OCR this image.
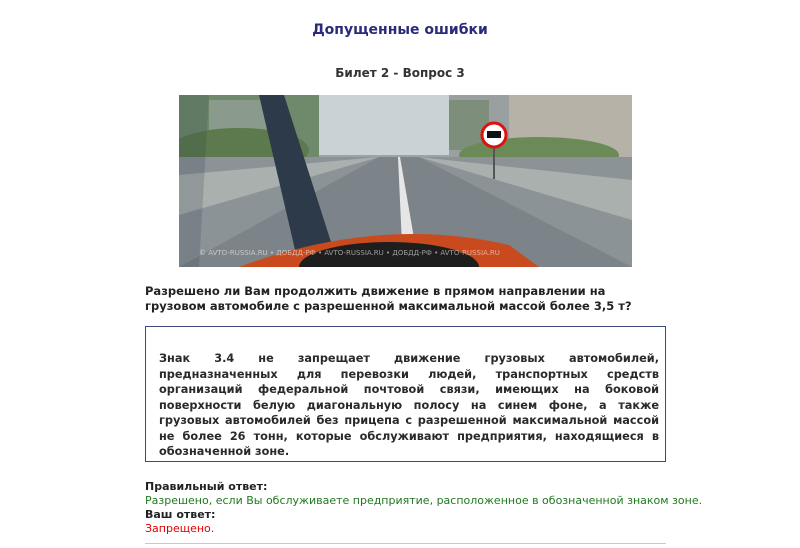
Допущенные ошибки
Билет 2 - Вопрос 3
© AVTO-RUSSIA.RU • ДОБДД-РФ • AVTO-RUSSIA.RU • ДОБДД-РФ • AVTO-RUSSIA.RU
Разрешено ли Вам продолжить движение в прямом направлении на грузовом автомобиле с разрешенной максимальной массой более 3,5 т?
Знак 3.4 не запрещает движение грузовых автомобилей, предназначенных для перевозки людей, транспортных средств организаций федеральной почтовой связи, имеющих на боковой поверхности белую диагональную полосу на синем фоне, а также грузовых автомобилей без прицепа с разрешенной максимальной массой не более 26 тонн, которые обслуживают предприятия, находящиеся в обозначенной зоне.
Правильный ответ:
Разрешено, если Вы обслуживаете предприятие, расположенное в обозначенной знаком зоне.
Ваш ответ:
Запрещено.
